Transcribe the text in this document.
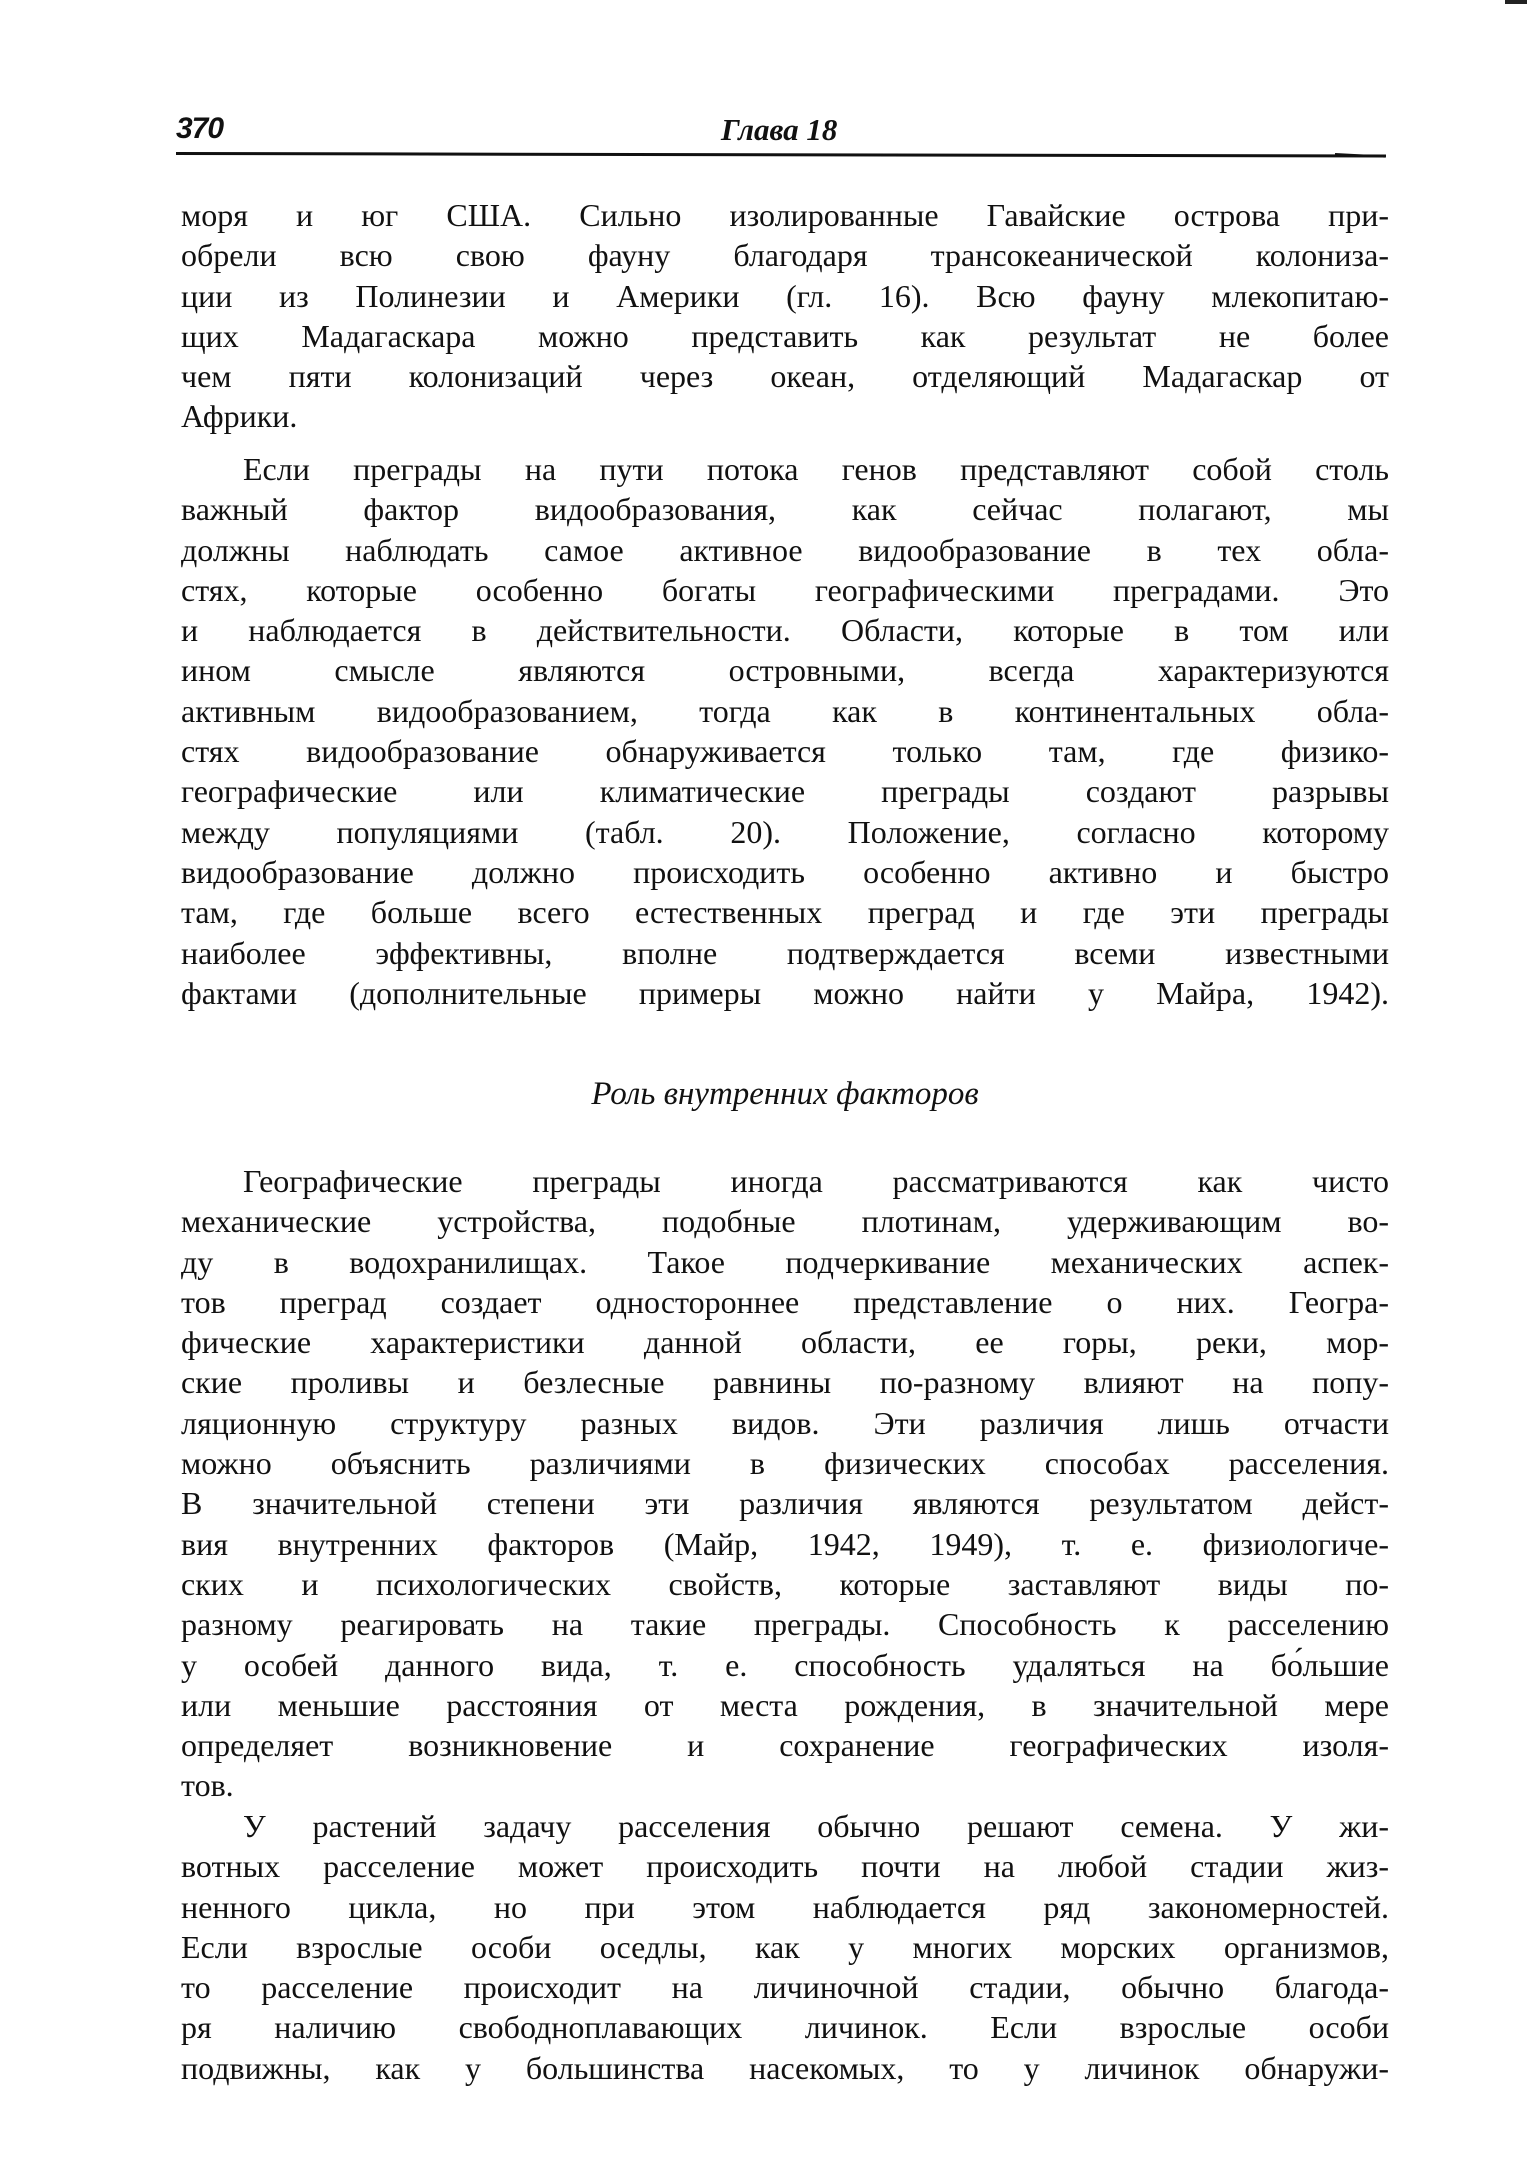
370	Глава 18
моря и юг США. Сильно изолированные Гавайские острова при-
обрели всю свою фауну благодаря трансокеанической колониза-
ции из Полинезии и Америки (гл. 16). Всю фауну млекопитаю-
щих Мадагаскара можно представить как результат не более
чем пяти колонизаций через океан, отделяющий Мадагаскар от
Африки.
Если преграды на пути потока генов представляют собой столь
важный фактор видообразования, как сейчас полагают, мы
должны наблюдать самое активное видообразование в тех обла-
стях, которые особенно богаты географическими преградами. Это
и наблюдается в действительности. Области, которые в том или
ином смысле являются островными, всегда характеризуются
активным видообразованием, тогда как в континентальных обла-
стях видообразование обнаруживается только там, где физико-
географические или климатические преграды создают разрывы
между популяциями (табл. 20). Положение, согласно которому
видообразование должно происходить особенно активно и быстро
там, где больше всего естественных преград и где эти преграды
наиболее эффективны, вполне подтверждается всеми известными
фактами (дополнительные примеры можно найти у Майра, 1942).
Роль внутренних факторов
Географические преграды иногда рассматриваются как чисто
механические устройства, подобные плотинам, удерживающим во-
ду в водохранилищах. Такое подчеркивание механических аспек-
тов преград создает одностороннее представление о них. Геогра-
фические характеристики данной области, ее горы, реки, мор-
ские проливы и безлесные равнины по-разному влияют на попу-
ляционную структуру разных видов. Эти различия лишь отчасти
можно объяснить различиями в физических способах расселения.
В значительной степени эти различия являются результатом дейст-
вия внутренних факторов (Майр, 1942, 1949), т. е. физиологиче-
ских и психологических свойств, которые заставляют виды по-
разному реагировать на такие преграды. Способность к расселению
у особей данного вида, т. е. способность удаляться на бо́льшие
или меньшие расстояния от места рождения, в значительной мере
определяет возникновение и сохранение географических изоля-
тов.
У растений задачу расселения обычно решают семена. У жи-
вотных расселение может происходить почти на любой стадии жиз-
ненного цикла, но при этом наблюдается ряд закономерностей.
Если взрослые особи оседлы, как у многих морских организмов,
то расселение происходит на личиночной стадии, обычно благода-
ря наличию свободноплавающих личинок. Если взрослые особи
подвижны, как у большинства насекомых, то у личинок обнаружи-
